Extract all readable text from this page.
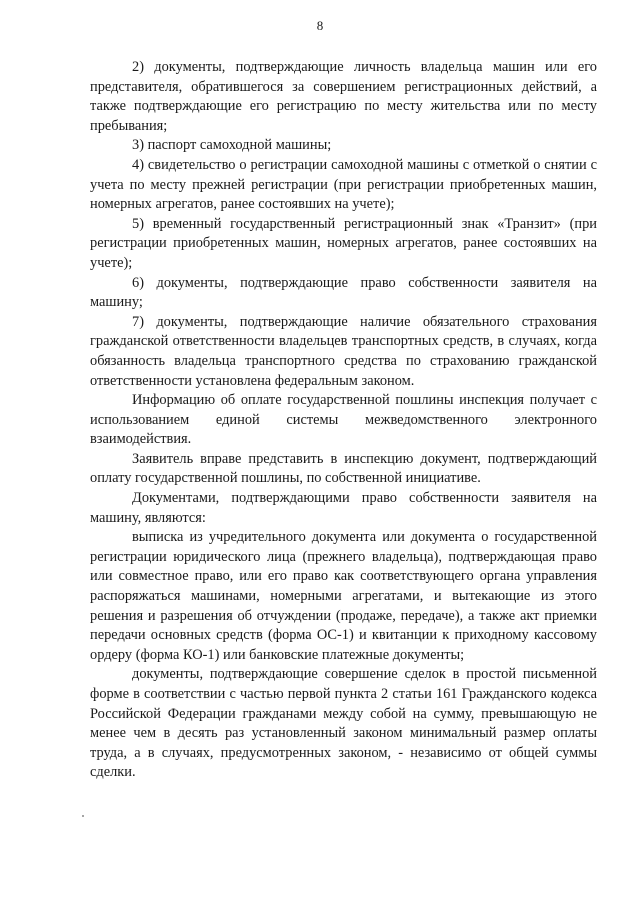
8

2) документы, подтверждающие личность владельца машин или его представителя, обратившегося за совершением регистрационных действий, а также подтверждающие его регистрацию по месту жительства или по месту пребывания;

3) паспорт самоходной машины;

4) свидетельство о регистрации самоходной машины с отметкой о снятии с учета по месту прежней регистрации (при регистрации приобретенных машин, номерных агрегатов, ранее состоявших на учете);

5) временный государственный регистрационный знак «Транзит» (при регистрации приобретенных машин, номерных агрегатов, ранее состоявших на учете);

6) документы, подтверждающие право собственности заявителя на машину;

7) документы, подтверждающие наличие обязательного страхования гражданской ответственности владельцев транспортных средств, в случаях, когда обязанность владельца транспортного средства по страхованию гражданской ответственности установлена федеральным законом.

Информацию об оплате государственной пошлины инспекция получает с использованием единой системы межведомственного электронного взаимодействия.

Заявитель вправе представить в инспекцию документ, подтверждающий оплату государственной пошлины, по собственной инициативе.

Документами, подтверждающими право собственности заявителя на машину, являются:

выписка из учредительного документа или документа о государственной регистрации юридического лица (прежнего владельца), подтверждающая право или совместное право, или его право как соответствующего органа управления распоряжаться машинами, номерными агрегатами, и вытекающие из этого решения и разрешения об отчуждении (продаже, передаче), а также акт приемки передачи основных средств (форма ОС-1) и квитанции к приходному кассовому ордеру (форма КО-1) или банковские платежные документы;

документы, подтверждающие совершение сделок в простой письменной форме в соответствии с частью первой пункта 2 статьи 161 Гражданского кодекса Российской Федерации гражданами между собой на сумму, превышающую не менее чем в десять раз установленный законом минимальный размер оплаты труда, а в случаях, предусмотренных законом, - независимо от общей суммы сделки.
